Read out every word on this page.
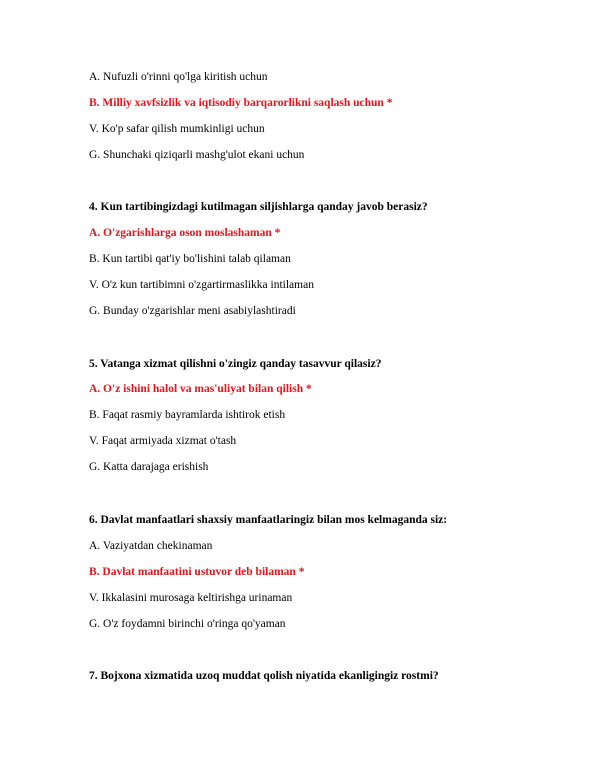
A. Nufuzli o'rinni qo'lga kiritish uchun
B. Milliy xavfsizlik va iqtisodiy barqarorlikni saqlash uchun *
V. Ko'p safar qilish mumkinligi uchun
G. Shunchaki qiziqarli mashg'ulot ekani uchun
4. Kun tartibingizdagi kutilmagan siljishlarga qanday javob berasiz?
A. O'zgarishlarga oson moslashaman *
B. Kun tartibi qat'iy bo'lishini talab qilaman
V. O'z kun tartibimni o'zgartirmaslikka intilaman
G. Bunday o'zgarishlar meni asabiylashtiradi
5. Vatanga xizmat qilishni o'zingiz qanday tasavvur qilasiz?
A. O'z ishini halol va mas'uliyat bilan qilish *
B. Faqat rasmiy bayramlarda ishtirok etish
V. Faqat armiyada xizmat o'tash
G. Katta darajaga erishish
6. Davlat manfaatlari shaxsiy manfaatlaringiz bilan mos kelmaganda siz:
A. Vaziyatdan chekinaman
B. Davlat manfaatini ustuvor deb bilaman *
V. Ikkalasini murosaga keltirishga urinaman
G. O'z foydamni birinchi o'ringa qo'yaman
7. Bojxona xizmatida uzoq muddat qolish niyatida ekanligingiz rostmi?
